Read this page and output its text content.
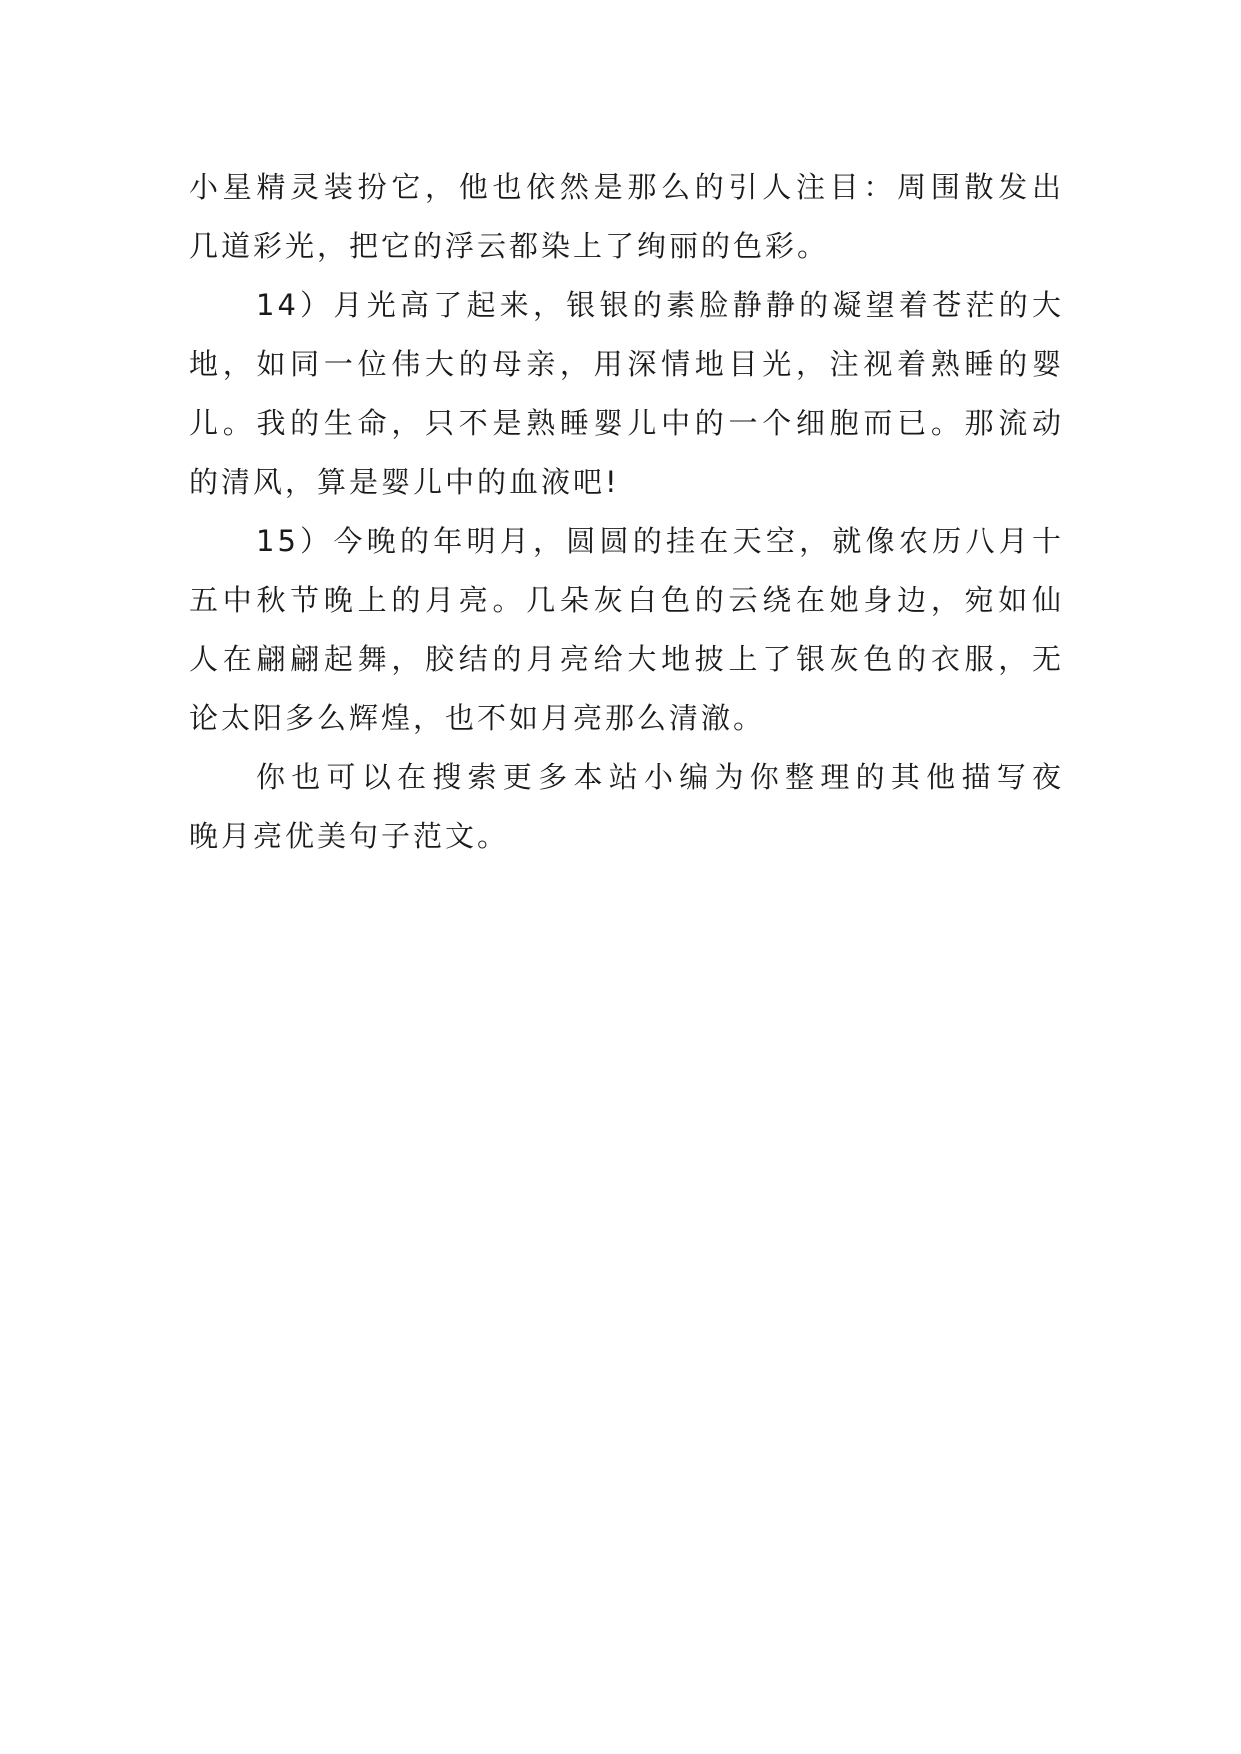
小星精灵装扮它，他也依然是那么的引人注目：周围散发出
几道彩光，把它的浮云都染上了绚丽的色彩。
14）月光高了起来，银银的素脸静静的凝望着苍茫的大
地，如同一位伟大的母亲，用深情地目光，注视着熟睡的婴
儿。我的生命，只不是熟睡婴儿中的一个细胞而已。那流动
的清风，算是婴儿中的血液吧!
15）今晚的年明月，圆圆的挂在天空，就像农历八月十
五中秋节晚上的月亮。几朵灰白色的云绕在她身边，宛如仙
人在翩翩起舞，胶结的月亮给大地披上了银灰色的衣服，无
论太阳多么辉煌，也不如月亮那么清澈。
你也可以在搜索更多本站小编为你整理的其他描写夜
晚月亮优美句子范文。
